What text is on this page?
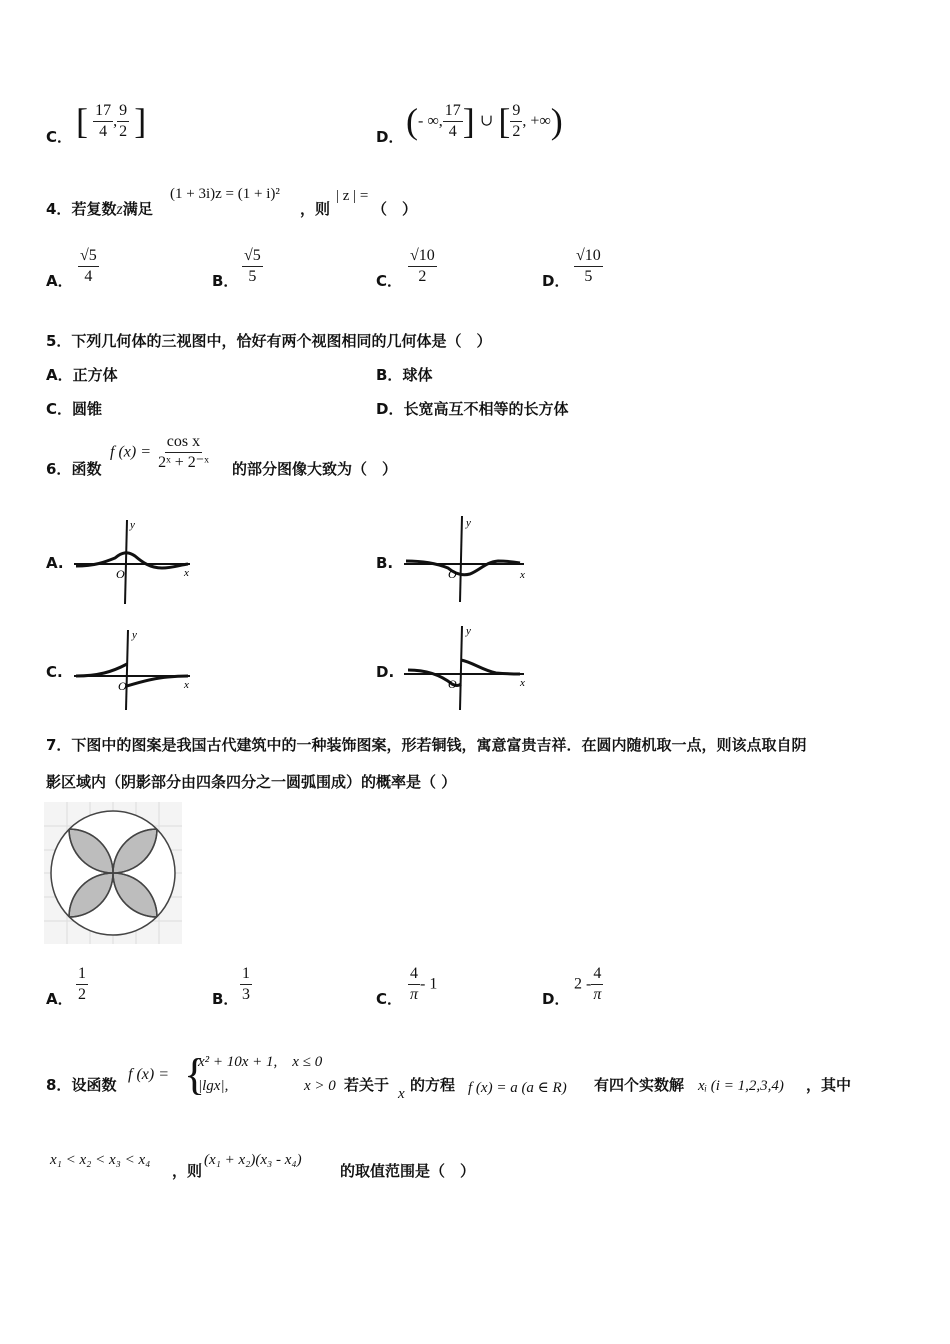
C． [ $\frac{17}{4}$ , $\frac{9}{2}$ ]	D． (- ∞, $\frac{17}{4}$ ] ∪ [ $\frac{9}{2}$ , +∞)
4．若复数z满足
(1 + 3i)z = (1 + i)²
，则
| z | =
（　）
A． $\frac{√5}{4}$	B． $\frac{√5}{5}$	C． $\frac{√10}{2}$	D． $\frac{√10}{5}$
5．下列几何体的三视图中，恰好有两个视图相同的几何体是（　）
A．正方体	B．球体
C．圆锥	D．长宽高互不相等的长方体
6．函数
f $(x) = \frac{\text{cos x}}{\text{2ˣ + 2⁻ˣ}}$ 的部分图像大致为（　）
A.
y
x
O
B.
y
x
O
C.
y
x
O
D.
y
x
O
7．下图中的图案是我国古代建筑中的一种装饰图案，形若铜钱，寓意富贵吉祥．在圆内随机取一点，则该点取自阴
影区域内（阴影部分由四条四分之一圆弧围成）的概率是（ ）
A． $\frac{1}{2}$	B． $\frac{1}{3}$	C． $\frac{4}{\pi} - 1$
D．
$2 - \frac{4}{\pi}$
8．设函数
f (x) = {
x² + 10x + 1,　x ≤ 0
|lgx|,	x > 0 若关于 x 的方程 f (x) = a (a ∈ R) 有四个实数解 xᵢ (i = 1,2,3,4) ，其中
x₁ < x₂ < x₃ < x₄
，则
(x₁ + x₂)(x₃ - x₄)
的取值范围是（　）
